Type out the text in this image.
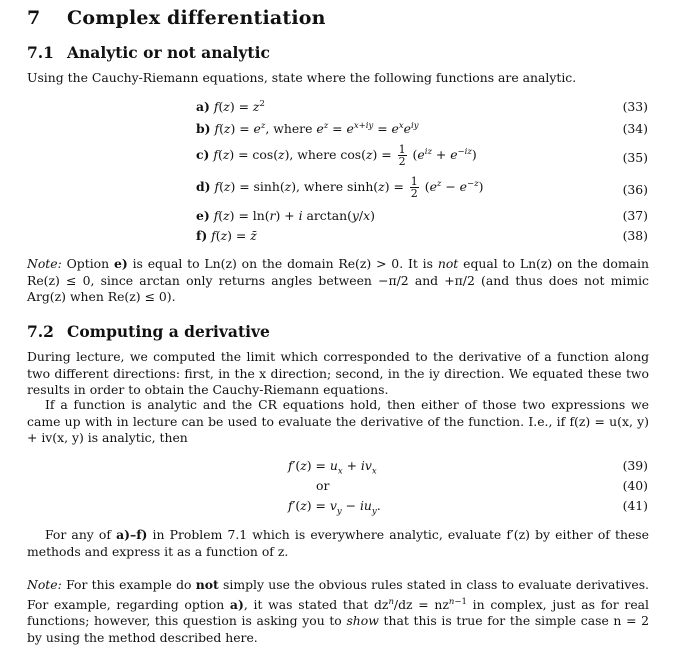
7 Complex differentiation
7.1 Analytic or not analytic
Using the Cauchy-Riemann equations, state where the following functions are analytic.
a) $f(z) = z^2$	(33)
b) $f(z) = e^z$, where $e^z = e^{x+iy} = e^xe^{iy}$	(34)
c) f(z) = cos(z), where $\cos(z) = \frac{1}{2} (e^{iz} + e^{-iz})$	(35)
d) f(z) = sinh(z), where $\sinh(z) = \frac{1}{2} (e^z - e^{-z})$	(36)
e) f(z) = ln(r) + i arctan(y/x)	(37)
f) f(z) = z̄	(38)
Note: Option e) is equal to Ln(z) on the domain Re(z) > 0. It is not equal to Ln(z) on the domain Re(z) ≤ 0, since arctan only returns angles between −π/2 and +π/2 (and thus does not mimic Arg(z) when Re(z) ≤ 0).
7.2 Computing a derivative
During lecture, we computed the limit which corresponded to the derivative of a function along two different directions: first, in the x direction; second, in the iy direction. We equated these two results in order to obtain the Cauchy-Riemann equations.
If a function is analytic and the CR equations hold, then either of those two expressions we came up with in lecture can be used to evaluate the derivative of the function. I.e., if f(z) = u(x, y) + iv(x, y) is analytic, then
$f'(z) = u_x + iv_x$	(39)
or	(40)
$f'(z) = v_y - iu_y$.	(41)
For any of a)–f) in Problem 7.1 which is everywhere analytic, evaluate f′(z) by either of these methods and express it as a function of z.
Note: For this example do not simply use the obvious rules stated in class to evaluate derivatives. For example, regarding option a), it was stated that $dz^n/dz = nz^{n-1}$ in complex, just as for real functions; however, this question is asking you to show that this is true for the simple case n = 2 by using the method described here.
